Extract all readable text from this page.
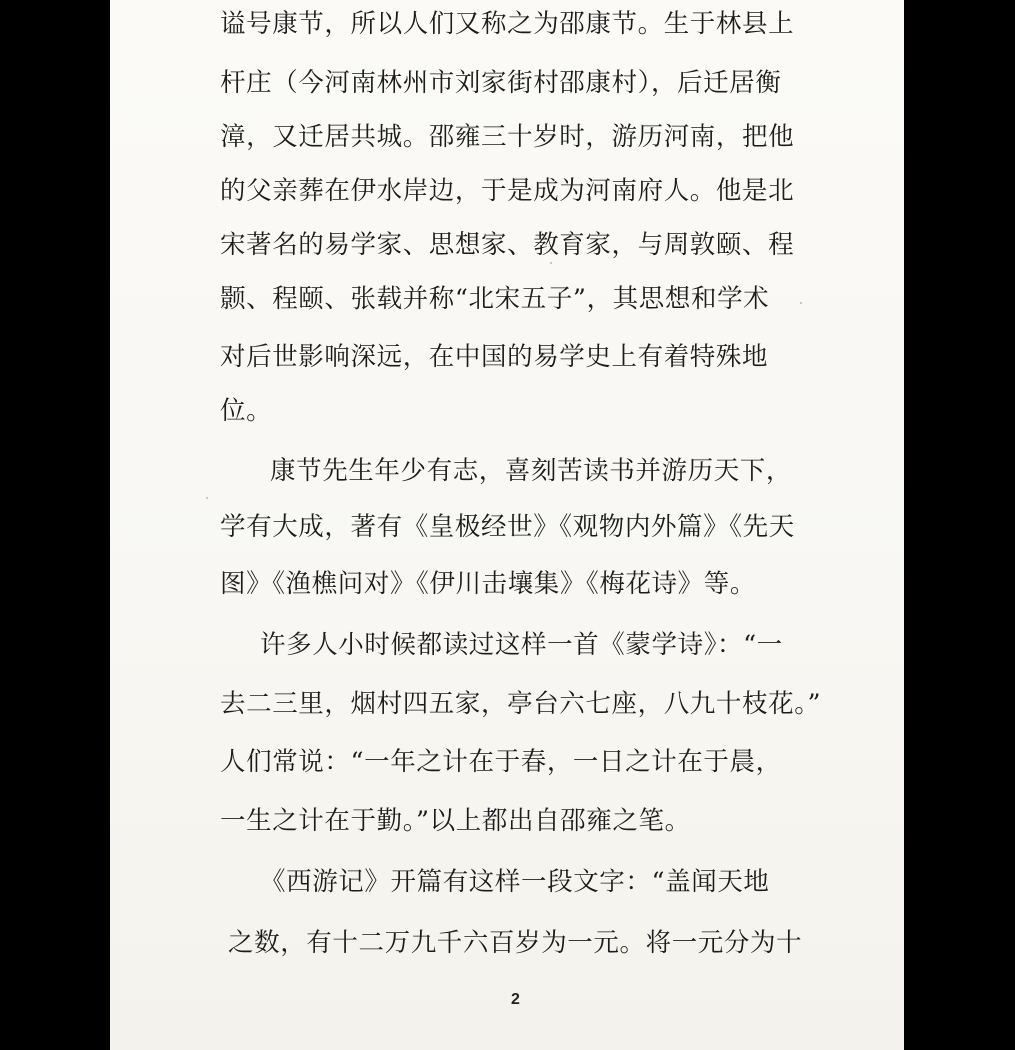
谥号康节，所以人们又称之为邵康节。生于林县上
杆庄（今河南林州市刘家街村邵康村），后迁居衡
漳，又迁居共城。邵雍三十岁时，游历河南，把他
的父亲葬在伊水岸边，于是成为河南府人。他是北
宋著名的易学家、思想家、教育家，与周敦颐、程
颢、程颐、张载并称“北宋五子”，其思想和学术
对后世影响深远，在中国的易学史上有着特殊地
位。
康节先生年少有志，喜刻苦读书并游历天下，
学有大成，著有《皇极经世》《观物内外篇》《先天
图》《渔樵问对》《伊川击壤集》《梅花诗》等。
许多人小时候都读过这样一首《蒙学诗》：“一
去二三里，烟村四五家，亭台六七座，八九十枝花。”
人们常说：“一年之计在于春，一日之计在于晨，
一生之计在于勤。”以上都出自邵雍之笔。
《西游记》开篇有这样一段文字：“盖闻天地
之数，有十二万九千六百岁为一元。将一元分为十
2
